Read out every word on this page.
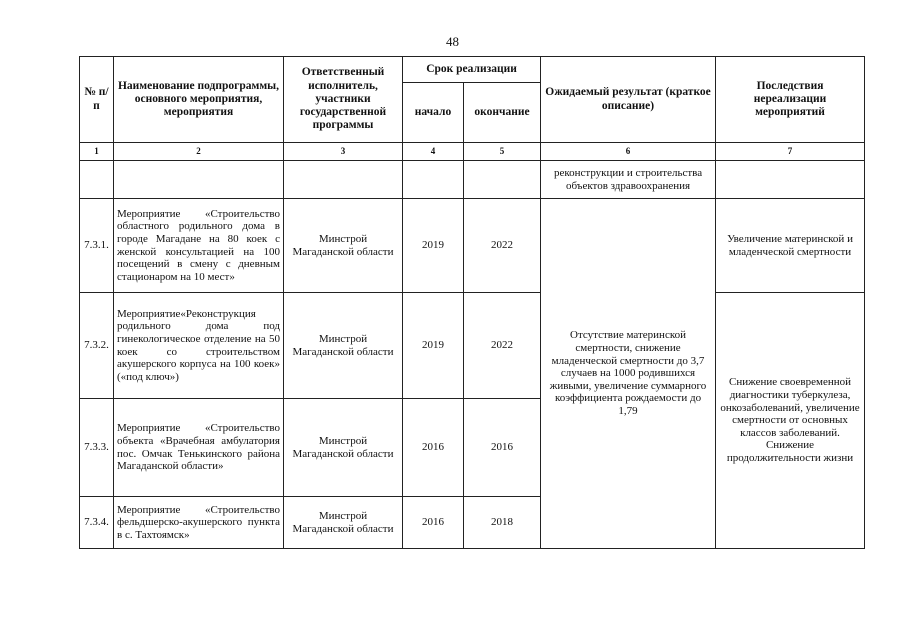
48
№ п/п	Наименование подпрограммы, основного мероприятия, мероприятия	Ответственный исполнитель, участники государственной программы	Срок реализации		Ожидаемый результат (краткое описание)	Последствия нереализации мероприятий
			начало	окончание		
1	2	3	4	5	6	7
					реконструкции и строительства объектов здравоохранения	
7.3.1.	Мероприятие «Строительство областного родильного дома в городе Магадане на 80 коек с женской консультацией на 100 посещений в смену с дневным стационаром на 10 мест»	Минстрой Магаданской области	2019	2022	Отсутствие материнской смертности, снижение младенческой смертности до 3,7 случаев на 1000 родившихся живыми, увеличение суммарного коэффициента рождаемости до 1,79	Увеличение материнской и младенческой смертности
7.3.2.	Мероприятие«Реконструкция родильного дома под гинекологическое отделение на 50 коек со строительством акушерского корпуса на 100 коек» («под ключ»)	Минстрой Магаданской области	2019	2022		Снижение своевременной диагностики туберкулеза, онкозаболеваний, увеличение смертности от основных классов заболеваний. Снижение продолжительности жизни
7.3.3.	Мероприятие «Строительство объекта «Врачебная амбулатория пос. Омчак Тенькинского района Магаданской области»	Минстрой Магаданской области	2016	2016		
7.3.4.	Мероприятие «Строительство фельдшерско-акушерского пункта в с. Тахтоямск»	Минстрой Магаданской области	2016	2018		
